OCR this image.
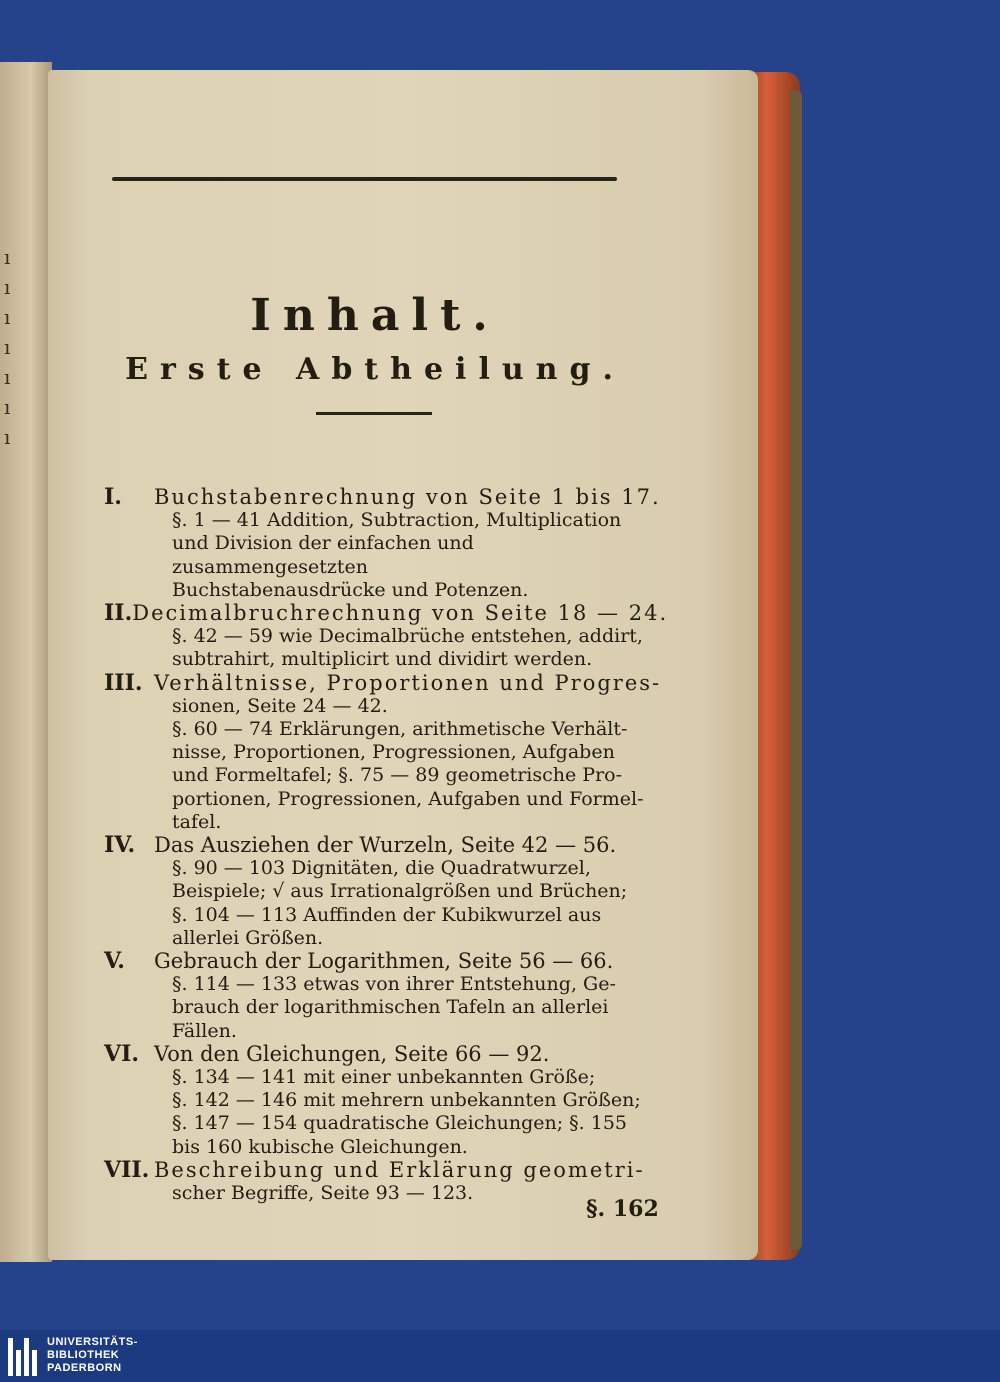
ı
ı
ı
ı
ı
ı
ı
Inhalt.
Erste Abtheilung.
I.	Buchstabenrechnung von Seite 1 bis 17.
§. 1 — 41 Addition, Subtraction, Multiplication
und Division der einfachen und zusammengesetzten
Buchstabenausdrücke und Potenzen.
II. Decimalbruchrechnung von Seite 18 — 24.
§. 42 — 59 wie Decimalbrüche entstehen, addirt,
subtrahirt, multiplicirt und dividirt werden.
III. Verhältnisse, Proportionen und Progres-
sionen, Seite 24 — 42.
§. 60 — 74 Erklärungen, arithmetische Verhält-
nisse, Proportionen, Progressionen, Aufgaben
und Formeltafel; §. 75 — 89 geometrische Pro-
portionen, Progressionen, Aufgaben und Formel-
tafel.
IV. Das Ausziehen der Wurzeln, Seite 42 — 56.
§. 90 — 103 Dignitäten, die Quadratwurzel,
Beispiele; √ aus Irrationalgrößen und Brüchen;
§. 104 — 113 Auffinden der Kubikwurzel aus
allerlei Größen.
V.	Gebrauch der Logarithmen, Seite 56 — 66.
§. 114 — 133 etwas von ihrer Entstehung, Ge-
brauch der logarithmischen Tafeln an allerlei Fällen.
VI. Von den Gleichungen, Seite 66 — 92.
§. 134 — 141 mit einer unbekannten Größe;
§. 142 — 146 mit mehrern unbekannten Größen;
§. 147 — 154 quadratische Gleichungen; §. 155
bis 160 kubische Gleichungen.
VII. Beschreibung und Erklärung geometri-
scher Begriffe, Seite 93 — 123.
§. 162
UNIVERSITÄTS-
BIBLIOTHEK
PADERBORN
